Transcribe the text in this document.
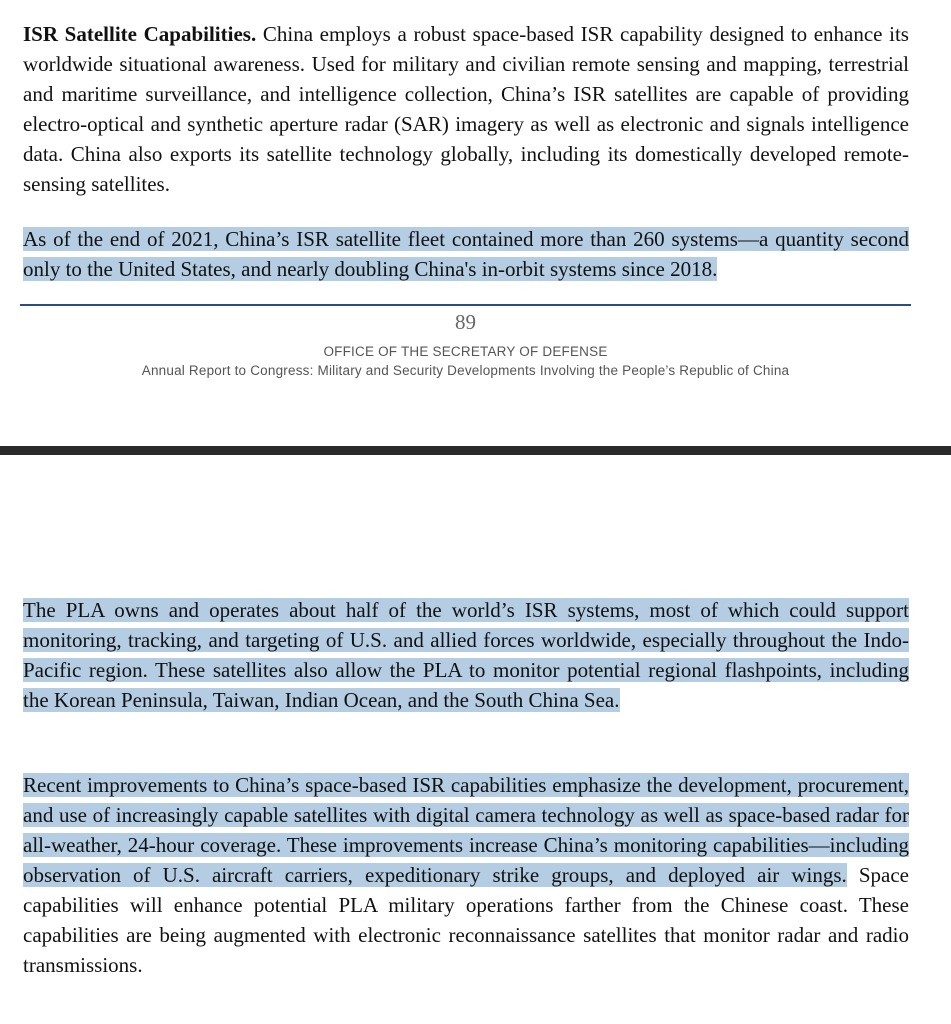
ISR Satellite Capabilities. China employs a robust space-based ISR capability designed to enhance its worldwide situational awareness. Used for military and civilian remote sensing and mapping, terrestrial and maritime surveillance, and intelligence collection, China’s ISR satellites are capable of providing electro-optical and synthetic aperture radar (SAR) imagery as well as electronic and signals intelligence data. China also exports its satellite technology globally, including its domestically developed remote-sensing satellites.

As of the end of 2021, China’s ISR satellite fleet contained more than 260 systems—a quantity second only to the United States, and nearly doubling China's in-orbit systems since 2018.

89
OFFICE OF THE SECRETARY OF DEFENSE
Annual Report to Congress: Military and Security Developments Involving the People’s Republic of China

The PLA owns and operates about half of the world’s ISR systems, most of which could support monitoring, tracking, and targeting of U.S. and allied forces worldwide, especially throughout the Indo-Pacific region. These satellites also allow the PLA to monitor potential regional flashpoints, including the Korean Peninsula, Taiwan, Indian Ocean, and the South China Sea.

Recent improvements to China’s space-based ISR capabilities emphasize the development, procurement, and use of increasingly capable satellites with digital camera technology as well as space-based radar for all-weather, 24-hour coverage. These improvements increase China’s monitoring capabilities—including observation of U.S. aircraft carriers, expeditionary strike groups, and deployed air wings. Space capabilities will enhance potential PLA military operations farther from the Chinese coast. These capabilities are being augmented with electronic reconnaissance satellites that monitor radar and radio transmissions.
